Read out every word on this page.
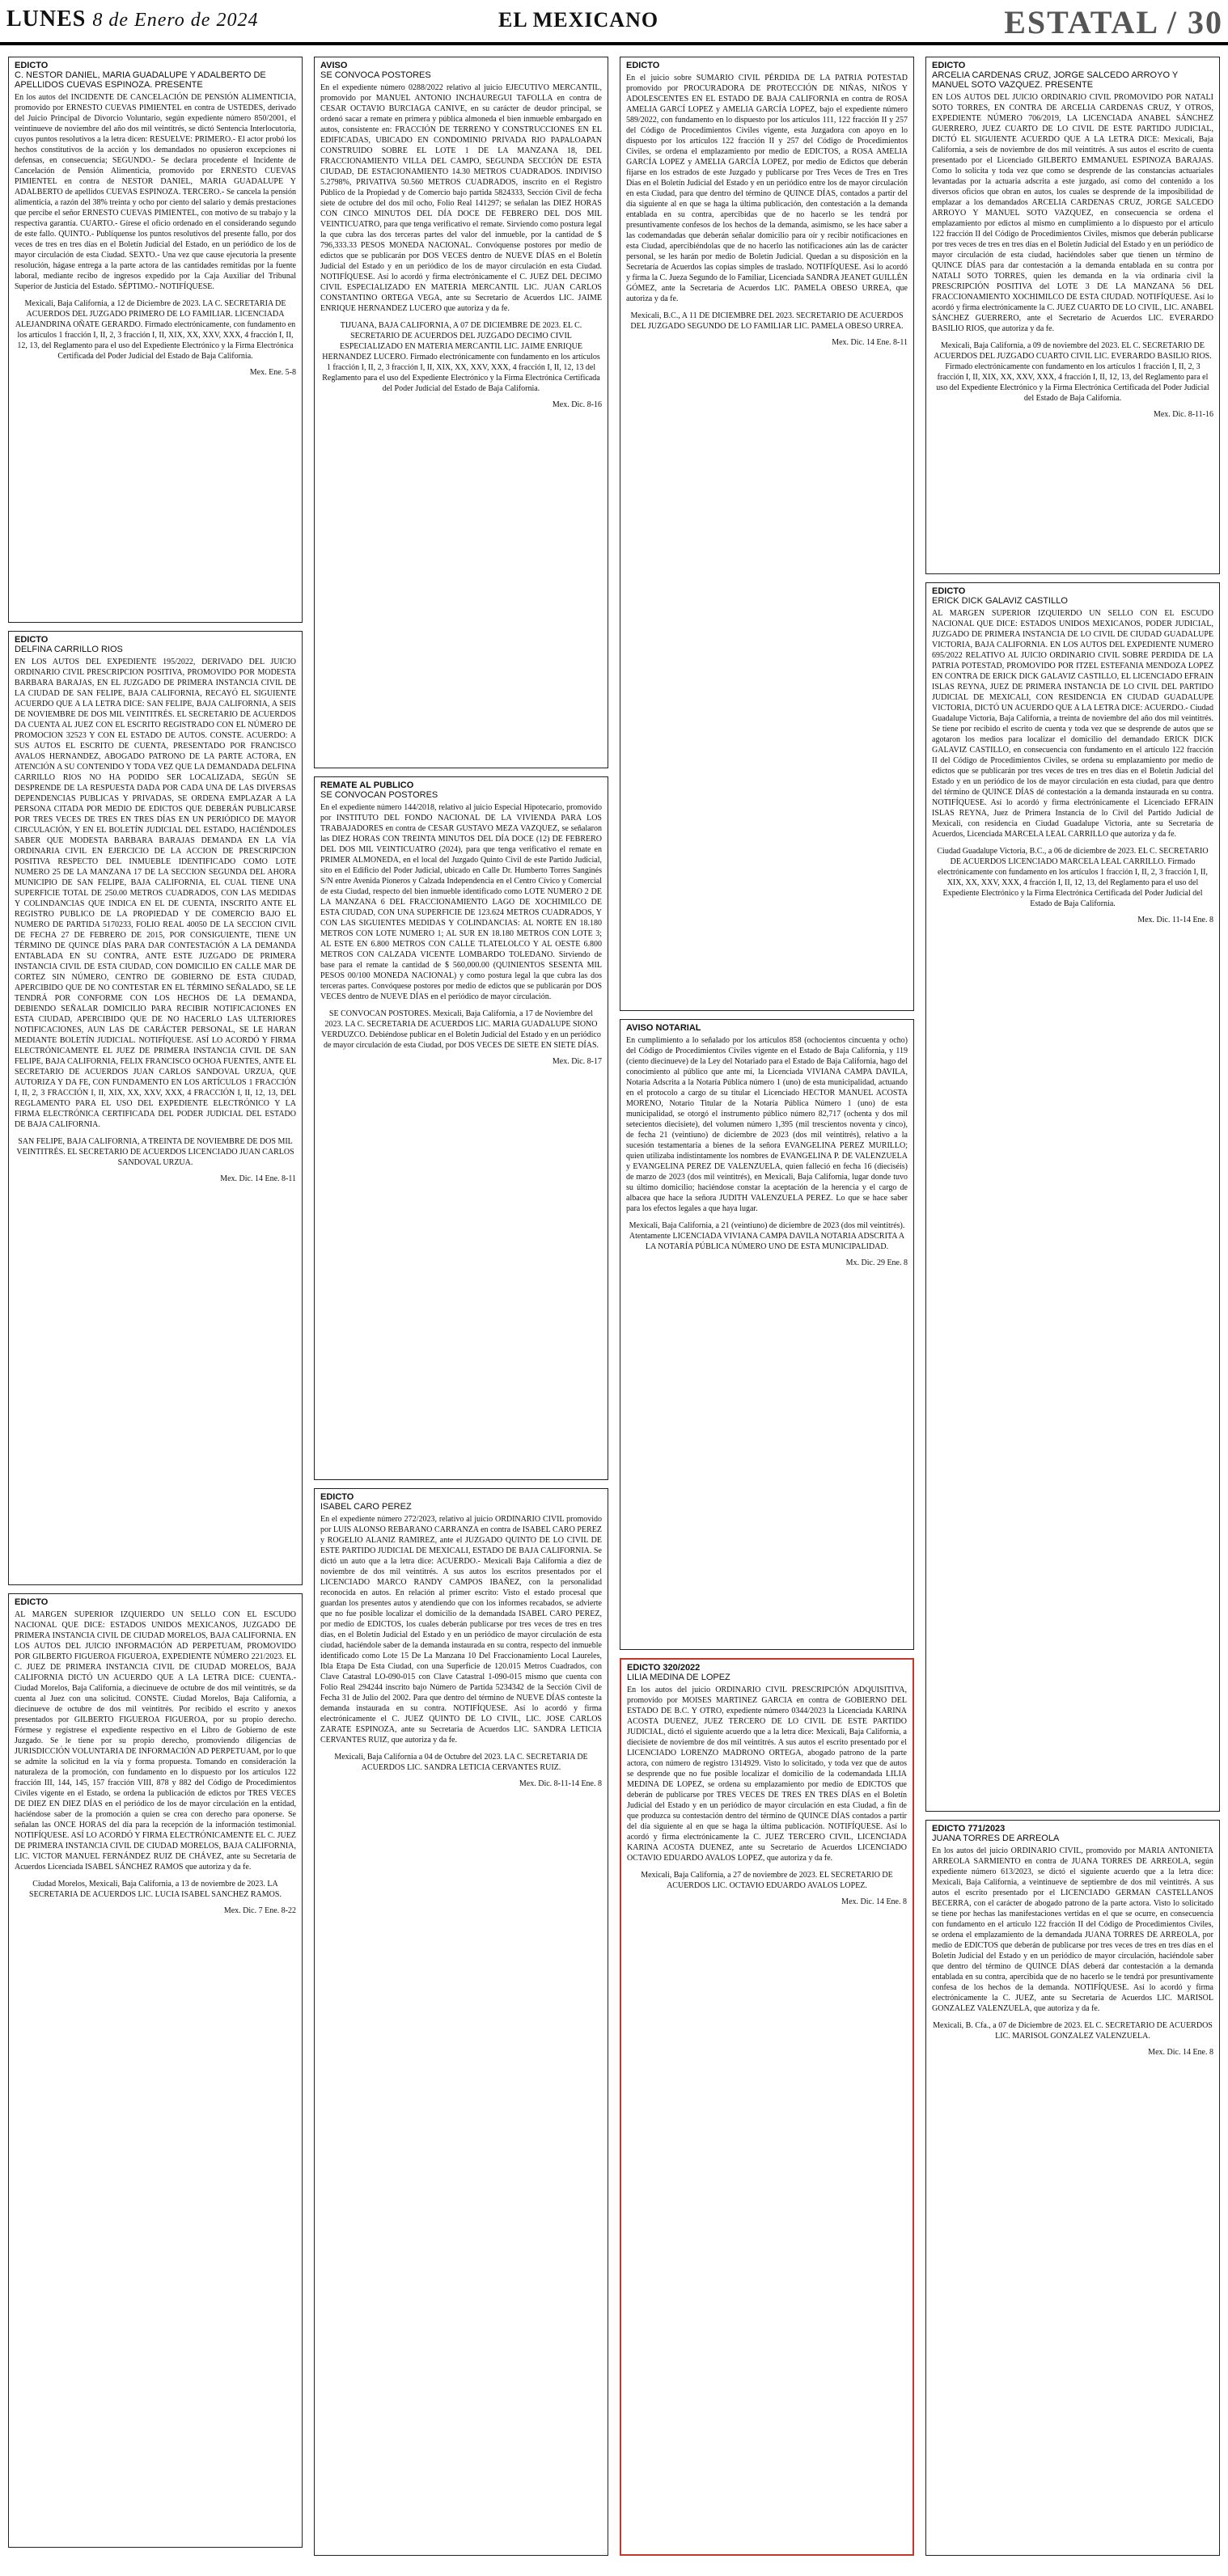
LUNES 8 de Enero de 2024	EL MEXICANO	ESTATAL / 30
EDICTO
C. NESTOR DANIEL, MARIA GUADALUPE Y ADALBERTO DE APELLIDOS CUEVAS ESPINOZA. PRESENTE
En los autos del INCIDENTE DE CANCELACIÓN DE PENSIÓN ALIMENTICIA, promovido por ERNESTO CUEVAS PIMIENTEL en contra de USTEDES, derivado del Juicio Principal de Divorcio Voluntario, según expediente número 850/2001, el veintinueve de noviembre del año dos mil veintitrés, se dictó Sentencia Interlocutoria, cuyos puntos resolutivos a la letra dicen: RESUELVE: PRIMERO.- El actor probó los hechos constitutivos de la acción y los demandados no opusieron excepciones ni defensas, en consecuencia; SEGUNDO.- Se declara procedente el Incidente de Cancelación de Pensión Alimenticia, promovido por ERNESTO CUEVAS PIMIENTEL en contra de NESTOR DANIEL, MARIA GUADALUPE Y ADALBERTO de apellidos CUEVAS ESPINOZA. TERCERO.- Se cancela la pensión alimenticia, a razón del 38% treinta y ocho por ciento del salario y demás prestaciones que percibe el señor ERNESTO CUEVAS PIMIENTEL, con motivo de su trabajo y la respectiva garantía. CUARTO.- Gírese el oficio ordenado en el considerando segundo de este fallo. QUINTO.- Publíquense los puntos resolutivos del presente fallo, por dos veces de tres en tres días en el Boletín Judicial del Estado, en un periódico de los de mayor circulación de esta Ciudad. SEXTO.- Una vez que cause ejecutoria la presente resolución, hágase entrega a la parte actora de las cantidades remitidas por la fuente laboral, mediante recibo de ingresos expedido por la Caja Auxiliar del Tribunal Superior de Justicia del Estado. SÉPTIMO.- NOTIFÍQUESE.
Mexicali, Baja California, a 12 de Diciembre de 2023. LA C. SECRETARIA DE ACUERDOS DEL JUZGADO PRIMERO DE LO FAMILIAR. LICENCIADA ALEJANDRINA OÑATE GERARDO. Firmado electrónicamente, con fundamento en los artículos 1 fracción I, II, 2, 3 fracción I, II, XIX, XX, XXV, XXX, 4 fracción I, II, 12, 13, del Reglamento para el uso del Expediente Electrónico y la Firma Electrónica Certificada del Poder Judicial del Estado de Baja California.
Mex. Ene. 5-8
EDICTO
DELFINA CARRILLO RIOS
EN LOS AUTOS DEL EXPEDIENTE 195/2022, DERIVADO DEL JUICIO ORDINARIO CIVIL PRESCRIPCION POSITIVA, PROMOVIDO POR MODESTA BARBARA BARAJAS, EN EL JUZGADO DE PRIMERA INSTANCIA CIVIL DE LA CIUDAD DE SAN FELIPE, BAJA CALIFORNIA, RECAYÓ EL SIGUIENTE ACUERDO QUE A LA LETRA DICE: SAN FELIPE, BAJA CALIFORNIA, A SEIS DE NOVIEMBRE DE DOS MIL VEINTITRÉS. EL SECRETARIO DE ACUERDOS DA CUENTA AL JUEZ CON EL ESCRITO REGISTRADO CON EL NÚMERO DE PROMOCION 32523 Y CON EL ESTADO DE AUTOS. CONSTE. ACUERDO: A SUS AUTOS EL ESCRITO DE CUENTA, PRESENTADO POR FRANCISCO AVALOS HERNANDEZ, ABOGADO PATRONO DE LA PARTE ACTORA, EN ATENCIÓN A SU CONTENIDO Y TODA VEZ QUE LA DEMANDADA DELFINA CARRILLO RIOS NO HA PODIDO SER LOCALIZADA, SEGÚN SE DESPRENDE DE LA RESPUESTA DADA POR CADA UNA DE LAS DIVERSAS DEPENDENCIAS PUBLICAS Y PRIVADAS, SE ORDENA EMPLAZAR A LA PERSONA CITADA POR MEDIO DE EDICTOS QUE DEBERÁN PUBLICARSE POR TRES VECES DE TRES EN TRES DÍAS EN UN PERIÓDICO DE MAYOR CIRCULACIÓN, Y EN EL BOLETÍN JUDICIAL DEL ESTADO, HACIÉNDOLES SABER QUE MODESTA BARBARA BARAJAS DEMANDA EN LA VÍA ORDINARIA CIVIL EN EJERCICIO DE LA ACCION DE PRESCRIPCION POSITIVA RESPECTO DEL INMUEBLE IDENTIFICADO COMO LOTE NUMERO 25 DE LA MANZANA 17 DE LA SECCION SEGUNDA DEL AHORA MUNICIPIO DE SAN FELIPE, BAJA CALIFORNIA, EL CUAL TIENE UNA SUPERFICIE TOTAL DE 250.00 METROS CUADRADOS, CON LAS MEDIDAS Y COLINDANCIAS QUE INDICA EN EL DE CUENTA, INSCRITO ANTE EL REGISTRO PUBLICO DE LA PROPIEDAD Y DE COMERCIO BAJO EL NUMERO DE PARTIDA 5170233, FOLIO REAL 40050 DE LA SECCION CIVIL DE FECHA 27 DE FEBRERO DE 2015, POR CONSIGUIENTE, TIENE UN TÉRMINO DE QUINCE DÍAS PARA DAR CONTESTACIÓN A LA DEMANDA ENTABLADA EN SU CONTRA, ANTE ESTE JUZGADO DE PRIMERA INSTANCIA CIVIL DE ESTA CIUDAD, CON DOMICILIO EN CALLE MAR DE CORTEZ SIN NÚMERO, CENTRO DE GOBIERNO DE ESTA CIUDAD, APERCIBIDO QUE DE NO CONTESTAR EN EL TÉRMINO SEÑALADO, SE LE TENDRÁ POR CONFORME CON LOS HECHOS DE LA DEMANDA, DEBIENDO SEÑALAR DOMICILIO PARA RECIBIR NOTIFICACIONES EN ESTA CIUDAD, APERCIBIDO QUE DE NO HACERLO LAS ULTERIORES NOTIFICACIONES, AUN LAS DE CARÁCTER PERSONAL, SE LE HARAN MEDIANTE BOLETÍN JUDICIAL. NOTIFÍQUESE. ASÍ LO ACORDÓ Y FIRMA ELECTRÓNICAMENTE EL JUEZ DE PRIMERA INSTANCIA CIVIL DE SAN FELIPE, BAJA CALIFORNIA, FELIX FRANCISCO OCHOA FUENTES, ANTE EL SECRETARIO DE ACUERDOS JUAN CARLOS SANDOVAL URZUA, QUE AUTORIZA Y DA FE, CON FUNDAMENTO EN LOS ARTÍCULOS 1 FRACCIÓN I, II, 2, 3 FRACCIÓN I, II, XIX, XX, XXV, XXX, 4 FRACCIÓN I, II, 12, 13, DEL REGLAMENTO PARA EL USO DEL EXPEDIENTE ELECTRÓNICO Y LA FIRMA ELECTRÓNICA CERTIFICADA DEL PODER JUDICIAL DEL ESTADO DE BAJA CALIFORNIA.
SAN FELIPE, BAJA CALIFORNIA, A TREINTA DE NOVIEMBRE DE DOS MIL VEINTITRÉS. EL SECRETARIO DE ACUERDOS LICENCIADO JUAN CARLOS SANDOVAL URZUA.
Mex. Dic. 14 Ene. 8-11
EDICTO
AL MARGEN SUPERIOR IZQUIERDO UN SELLO CON EL ESCUDO NACIONAL QUE DICE: ESTADOS UNIDOS MEXICANOS, JUZGADO DE PRIMERA INSTANCIA CIVIL DE CIUDAD MORELOS, BAJA CALIFORNIA. EN LOS AUTOS DEL JUICIO INFORMACIÓN AD PERPETUAM, PROMOVIDO POR GILBERTO FIGUEROA FIGUEROA, EXPEDIENTE NÚMERO 221/2023. EL C. JUEZ DE PRIMERA INSTANCIA CIVIL DE CIUDAD MORELOS, BAJA CALIFORNIA DICTÓ UN ACUERDO QUE A LA LETRA DICE: CUENTA.- Ciudad Morelos, Baja California, a diecinueve de octubre de dos mil veintitrés, se da cuenta al Juez con una solicitud. CONSTE. Ciudad Morelos, Baja California, a diecinueve de octubre de dos mil veintitrés. Por recibido el escrito y anexos presentados por GILBERTO FIGUEROA FIGUEROA, por su propio derecho. Fórmese y regístrese el expediente respectivo en el Libro de Gobierno de este Juzgado. Se le tiene por su propio derecho, promoviendo diligencias de JURISDICCIÓN VOLUNTARIA DE INFORMACIÓN AD PERPETUAM, por lo que se admite la solicitud en la vía y forma propuesta. Tomando en consideración la naturaleza de la promoción, con fundamento en lo dispuesto por los artículos 122 fracción III, 144, 145, 157 fracción VIII, 878 y 882 del Código de Procedimientos Civiles vigente en el Estado, se ordena la publicación de edictos por TRES VECES DE DIEZ EN DIEZ DÍAS en el periódico de los de mayor circulación en la entidad, haciéndose saber de la promoción a quien se crea con derecho para oponerse. Se señalan las ONCE HORAS del día para la recepción de la información testimonial. NOTIFÍQUESE. ASÍ LO ACORDÓ Y FIRMA ELECTRÓNICAMENTE EL C. JUEZ DE PRIMERA INSTANCIA CIVIL DE CIUDAD MORELOS, BAJA CALIFORNIA, LIC. VICTOR MANUEL FERNÁNDEZ RUIZ DE CHÁVEZ, ante su Secretaria de Acuerdos Licenciada ISABEL SÁNCHEZ RAMOS que autoriza y da fe.
Ciudad Morelos, Mexicali, Baja California, a 13 de noviembre de 2023. LA SECRETARIA DE ACUERDOS LIC. LUCIA ISABEL SANCHEZ RAMOS.
Mex. Dic. 7 Ene. 8-22
AVISO
SE CONVOCA POSTORES
En el expediente número 0288/2022 relativo al juicio EJECUTIVO MERCANTIL, promovido por MANUEL ANTONIO INCHAUREGUI TAFOLLA en contra de CESAR OCTAVIO BURCIAGA CANIVE, en su carácter de deudor principal, se ordenó sacar a remate en primera y pública almoneda el bien inmueble embargado en autos, consistente en: FRACCIÓN DE TERRENO Y CONSTRUCCIONES EN EL EDIFICADAS, UBICADO EN CONDOMINIO PRIVADA RIO PAPALOAPAN CONSTRUIDO SOBRE EL LOTE 1 DE LA MANZANA 18, DEL FRACCIONAMIENTO VILLA DEL CAMPO, SEGUNDA SECCIÓN DE ESTA CIUDAD, DE ESTACIONAMIENTO 14.30 METROS CUADRADOS. INDIVISO 5.2798%, PRIVATIVA 50.560 METROS CUADRADOS, inscrito en el Registro Público de la Propiedad y de Comercio bajo partida 5824333, Sección Civil de fecha siete de octubre del dos mil ocho, Folio Real 141297; se señalan las DIEZ HORAS CON CINCO MINUTOS DEL DÍA DOCE DE FEBRERO DEL DOS MIL VEINTICUATRO, para que tenga verificativo el remate. Sirviendo como postura legal la que cubra las dos terceras partes del valor del inmueble, por la cantidad de $ 796,333.33 PESOS MONEDA NACIONAL. Convóquense postores por medio de edictos que se publicarán por DOS VECES dentro de NUEVE DÍAS en el Boletín Judicial del Estado y en un periódico de los de mayor circulación en esta Ciudad. NOTIFÍQUESE. Así lo acordó y firma electrónicamente el C. JUEZ DEL DECIMO CIVIL ESPECIALIZADO EN MATERIA MERCANTIL LIC. JUAN CARLOS CONSTANTINO ORTEGA VEGA, ante su Secretario de Acuerdos LIC. JAIME ENRIQUE HERNANDEZ LUCERO que autoriza y da fe.
TIJUANA, BAJA CALIFORNIA, A 07 DE DICIEMBRE DE 2023. EL C. SECRETARIO DE ACUERDOS DEL JUZGADO DECIMO CIVIL ESPECIALIZADO EN MATERIA MERCANTIL LIC. JAIME ENRIQUE HERNANDEZ LUCERO. Firmado electrónicamente con fundamento en los artículos 1 fracción I, II, 2, 3 fracción I, II, XIX, XX, XXV, XXX, 4 fracción I, II, 12, 13 del Reglamento para el uso del Expediente Electrónico y la Firma Electrónica Certificada del Poder Judicial del Estado de Baja California.
Mex. Dic. 8-16
REMATE AL PUBLICO
SE CONVOCAN POSTORES
En el expediente número 144/2018, relativo al juicio Especial Hipotecario, promovido por INSTITUTO DEL FONDO NACIONAL DE LA VIVIENDA PARA LOS TRABAJADORES en contra de CESAR GUSTAVO MEZA VAZQUEZ, se señalaron las DIEZ HORAS CON TREINTA MINUTOS DEL DÍA DOCE (12) DE FEBRERO DEL DOS MIL VEINTICUATRO (2024), para que tenga verificativo el remate en PRIMER ALMONEDA, en el local del Juzgado Quinto Civil de este Partido Judicial, sito en el Edificio del Poder Judicial, ubicado en Calle Dr. Humberto Torres Sanginés S/N entre Avenida Pioneros y Calzada Independencia en el Centro Cívico y Comercial de esta Ciudad, respecto del bien inmueble identificado como LOTE NUMERO 2 DE LA MANZANA 6 DEL FRACCIONAMIENTO LAGO DE XOCHIMILCO DE ESTA CIUDAD, CON UNA SUPERFICIE DE 123.624 METROS CUADRADOS, Y CON LAS SIGUIENTES MEDIDAS Y COLINDANCIAS: AL NORTE EN 18.180 METROS CON LOTE NUMERO 1; AL SUR EN 18.180 METROS CON LOTE 3; AL ESTE EN 6.800 METROS CON CALLE TLATELOLCO Y AL OESTE 6.800 METROS CON CALZADA VICENTE LOMBARDO TOLEDANO. Sirviendo de base para el remate la cantidad de $ 560,000.00 (QUINIENTOS SESENTA MIL PESOS 00/100 MONEDA NACIONAL) y como postura legal la que cubra las dos terceras partes. Convóquese postores por medio de edictos que se publicarán por DOS VECES dentro de NUEVE DÍAS en el periódico de mayor circulación.
SE CONVOCAN POSTORES. Mexicali, Baja California, a 17 de Noviembre del 2023. LA C. SECRETARIA DE ACUERDOS LIC. MARIA GUADALUPE SIONO VERDUZCO. Debiéndose publicar en el Boletín Judicial del Estado y en un periódico de mayor circulación de esta Ciudad, por DOS VECES DE SIETE EN SIETE DÍAS.
Mex. Dic. 8-17
EDICTO
ISABEL CARO PEREZ
En el expediente número 272/2023, relativo al juicio ORDINARIO CIVIL promovido por LUIS ALONSO REBARANO CARRANZA en contra de ISABEL CARO PEREZ y ROGELIO ALANIZ RAMIREZ, ante el JUZGADO QUINTO DE LO CIVIL DE ESTE PARTIDO JUDICIAL DE MEXICALI, ESTADO DE BAJA CALIFORNIA. Se dictó un auto que a la letra dice: ACUERDO.- Mexicali Baja California a diez de noviembre de dos mil veintitrés. A sus autos los escritos presentados por el LICENCIADO MARCO RANDY CAMPOS IBAÑEZ, con la personalidad reconocida en autos. En relación al primer escrito: Visto el estado procesal que guardan los presentes autos y atendiendo que con los informes recabados, se advierte que no fue posible localizar el domicilio de la demandada ISABEL CARO PEREZ, por medio de EDICTOS, los cuales deberán publicarse por tres veces de tres en tres días, en el Boletín Judicial del Estado y en un periódico de mayor circulación de esta ciudad, haciéndole saber de la demanda instaurada en su contra, respecto del inmueble identificado como Lote 15 De La Manzana 10 Del Fraccionamiento Local Laureles, Ibla Etapa De Esta Ciudad, con una Superficie de 120.015 Metros Cuadrados, con Clave Catastral LO-090-015 con Clave Catastral 1-090-015 mismo que cuenta con Folio Real 294244 inscrito bajo Número de Partida 5234342 de la Sección Civil de Fecha 31 de Julio del 2002. Para que dentro del término de NUEVE DÍAS conteste la demanda instaurada en su contra. NOTIFÍQUESE. Así lo acordó y firma electrónicamente el C. JUEZ QUINTO DE LO CIVIL, LIC. JOSE CARLOS ZARATE ESPINOZA, ante su Secretaria de Acuerdos LIC. SANDRA LETICIA CERVANTES RUIZ, que autoriza y da fe.
Mexicali, Baja California a 04 de Octubre del 2023. LA C. SECRETARIA DE ACUERDOS LIC. SANDRA LETICIA CERVANTES RUIZ.
Mex. Dic. 8-11-14 Ene. 8
EDICTO
En el juicio sobre SUMARIO CIVIL PÉRDIDA DE LA PATRIA POTESTAD promovido por PROCURADORA DE PROTECCIÓN DE NIÑAS, NIÑOS Y ADOLESCENTES EN EL ESTADO DE BAJA CALIFORNIA en contra de ROSA AMELIA GARCÍ LOPEZ y AMELIA GARCÍA LOPEZ, bajo el expediente número 589/2022, con fundamento en lo dispuesto por los artículos 111, 122 fracción II y 257 del Código de Procedimientos Civiles vigente, esta Juzgadora con apoyo en lo dispuesto por los artículos 122 fracción II y 257 del Código de Procedimientos Civiles, se ordena el emplazamiento por medio de EDICTOS, a ROSA AMELIA GARCÍA LOPEZ y AMELIA GARCÍA LOPEZ, por medio de Edictos que deberán fijarse en los estrados de este Juzgado y publicarse por Tres Veces de Tres en Tres Días en el Boletín Judicial del Estado y en un periódico entre los de mayor circulación en esta Ciudad, para que dentro del término de QUINCE DÍAS, contados a partir del día siguiente al en que se haga la última publicación, den contestación a la demanda entablada en su contra, apercibidas que de no hacerlo se les tendrá por presuntivamente confesos de los hechos de la demanda, asimismo, se les hace saber a las codemandadas que deberán señalar domicilio para oír y recibir notificaciones en esta Ciudad, apercibiéndolas que de no hacerlo las notificaciones aún las de carácter personal, se les harán por medio de Boletín Judicial. Quedan a su disposición en la Secretaría de Acuerdos las copias simples de traslado. NOTIFÍQUESE. Así lo acordó y firma la C. Jueza Segundo de lo Familiar, Licenciada SANDRA JEANET GUILLÉN GÓMEZ, ante la Secretaria de Acuerdos LIC. PAMELA OBESO URREA, que autoriza y da fe.
Mexicali, B.C., A 11 DE DICIEMBRE DEL 2023. SECRETARIO DE ACUERDOS DEL JUZGADO SEGUNDO DE LO FAMILIAR LIC. PAMELA OBESO URREA.
Mex. Dic. 14 Ene. 8-11
AVISO NOTARIAL
En cumplimiento a lo señalado por los artículos 858 (ochocientos cincuenta y ocho) del Código de Procedimientos Civiles vigente en el Estado de Baja California, y 119 (ciento diecinueve) de la Ley del Notariado para el Estado de Baja California, hago del conocimiento al público que ante mí, la Licenciada VIVIANA CAMPA DAVILA, Notaria Adscrita a la Notaría Pública número 1 (uno) de esta municipalidad, actuando en el protocolo a cargo de su titular el Licenciado HECTOR MANUEL ACOSTA MORENO, Notario Titular de la Notaría Pública Número 1 (uno) de esta municipalidad, se otorgó el instrumento público número 82,717 (ochenta y dos mil setecientos diecisiete), del volumen número 1,395 (mil trescientos noventa y cinco), de fecha 21 (veintiuno) de diciembre de 2023 (dos mil veintitrés), relativo a la sucesión testamentaria a bienes de la señora EVANGELINA PEREZ MURILLO; quien utilizaba indistintamente los nombres de EVANGELINA P. DE VALENZUELA y EVANGELINA PEREZ DE VALENZUELA, quien falleció en fecha 16 (dieciséis) de marzo de 2023 (dos mil veintitrés), en Mexicali, Baja California, lugar donde tuvo su último domicilio; haciéndose constar la aceptación de la herencia y el cargo de albacea que hace la señora JUDITH VALENZUELA PEREZ. Lo que se hace saber para los efectos legales a que haya lugar.
Mexicali, Baja California, a 21 (veintiuno) de diciembre de 2023 (dos mil veintitrés). Atentamente LICENCIADA VIVIANA CAMPA DAVILA NOTARIA ADSCRITA A LA NOTARÍA PÚBLICA NÚMERO UNO DE ESTA MUNICIPALIDAD.
Mx. Dic. 29 Ene. 8
EDICTO 320/2022
LILIA MEDINA DE LOPEZ
En los autos del juicio ORDINARIO CIVIL PRESCRIPCIÓN ADQUISITIVA, promovido por MOISES MARTINEZ GARCIA en contra de GOBIERNO DEL ESTADO DE B.C. Y OTRO, expediente número 0344/2023 la Licenciada KARINA ACOSTA DUENEZ, JUEZ TERCERO DE LO CIVIL DE ESTE PARTIDO JUDICIAL, dictó el siguiente acuerdo que a la letra dice: Mexicali, Baja California, a diecisiete de noviembre de dos mil veintitrés. A sus autos el escrito presentado por el LICENCIADO LORENZO MADRONO ORTEGA, abogado patrono de la parte actora, con número de registro 1314929. Visto lo solicitado, y toda vez que de autos se desprende que no fue posible localizar el domicilio de la codemandada LILIA MEDINA DE LOPEZ, se ordena su emplazamiento por medio de EDICTOS que deberán de publicarse por TRES VECES DE TRES EN TRES DÍAS en el Boletín Judicial del Estado y en un periódico de mayor circulación en esta Ciudad, a fin de que produzca su contestación dentro del término de QUINCE DÍAS contados a partir del día siguiente al en que se haga la última publicación. NOTIFÍQUESE. Así lo acordó y firma electrónicamente la C. JUEZ TERCERO CIVIL, LICENCIADA KARINA ACOSTA DUENEZ, ante su Secretario de Acuerdos LICENCIADO OCTAVIO EDUARDO AVALOS LOPEZ, que autoriza y da fe.
Mexicali, Baja California, a 27 de noviembre de 2023. EL SECRETARIO DE ACUERDOS LIC. OCTAVIO EDUARDO AVALOS LOPEZ.
Mex. Dic. 14 Ene. 8
EDICTO
ARCELIA CARDENAS CRUZ, JORGE SALCEDO ARROYO Y MANUEL SOTO VAZQUEZ. PRESENTE
EN LOS AUTOS DEL JUICIO ORDINARIO CIVIL PROMOVIDO POR NATALI SOTO TORRES, EN CONTRA DE ARCELIA CARDENAS CRUZ, Y OTROS, EXPEDIENTE NÚMERO 706/2019, LA LICENCIADA ANABEL SÁNCHEZ GUERRERO, JUEZ CUARTO DE LO CIVIL DE ESTE PARTIDO JUDICIAL, DICTÓ EL SIGUIENTE ACUERDO QUE A LA LETRA DICE: Mexicali, Baja California, a seis de noviembre de dos mil veintitrés. A sus autos el escrito de cuenta presentado por el Licenciado GILBERTO EMMANUEL ESPINOZA BARAJAS. Como lo solicita y toda vez que como se desprende de las constancias actuariales levantadas por la actuaria adscrita a este juzgado, así como del contenido a los diversos oficios que obran en autos, los cuales se desprende de la imposibilidad de emplazar a los demandados ARCELIA CARDENAS CRUZ, JORGE SALCEDO ARROYO Y MANUEL SOTO VAZQUEZ, en consecuencia se ordena el emplazamiento por edictos al mismo en cumplimiento a lo dispuesto por el artículo 122 fracción II del Código de Procedimientos Civiles, mismos que deberán publicarse por tres veces de tres en tres días en el Boletín Judicial del Estado y en un periódico de mayor circulación de esta ciudad, haciéndoles saber que tienen un término de QUINCE DÍAS para dar contestación a la demanda entablada en su contra por NATALI SOTO TORRES, quien les demanda en la vía ordinaria civil la PRESCRIPCIÓN POSITIVA del LOTE 3 DE LA MANZANA 56 DEL FRACCIONAMIENTO XOCHIMILCO DE ESTA CIUDAD. NOTIFÍQUESE. Así lo acordó y firma electrónicamente la C. JUEZ CUARTO DE LO CIVIL, LIC. ANABEL SÁNCHEZ GUERRERO, ante el Secretario de Acuerdos LIC. EVERARDO BASILIO RIOS, que autoriza y da fe.
Mexicali, Baja California, a 09 de noviembre del 2023. EL C. SECRETARIO DE ACUERDOS DEL JUZGADO CUARTO CIVIL LIC. EVERARDO BASILIO RIOS. Firmado electrónicamente con fundamento en los artículos 1 fracción I, II, 2, 3 fracción I, II, XIX, XX, XXV, XXX, 4 fracción I, II, 12, 13, del Reglamento para el uso del Expediente Electrónico y la Firma Electrónica Certificada del Poder Judicial del Estado de Baja California.
Mex. Dic. 8-11-16
EDICTO
ERICK DICK GALAVIZ CASTILLO
AL MARGEN SUPERIOR IZQUIERDO UN SELLO CON EL ESCUDO NACIONAL QUE DICE: ESTADOS UNIDOS MEXICANOS, PODER JUDICIAL, JUZGADO DE PRIMERA INSTANCIA DE LO CIVIL DE CIUDAD GUADALUPE VICTORIA, BAJA CALIFORNIA. EN LOS AUTOS DEL EXPEDIENTE NUMERO 695/2022 RELATIVO AL JUICIO ORDINARIO CIVIL SOBRE PERDIDA DE LA PATRIA POTESTAD, PROMOVIDO POR ITZEL ESTEFANIA MENDOZA LOPEZ EN CONTRA DE ERICK DICK GALAVIZ CASTILLO, EL LICENCIADO EFRAIN ISLAS REYNA, JUEZ DE PRIMERA INSTANCIA DE LO CIVIL DEL PARTIDO JUDICIAL DE MEXICALI, CON RESIDENCIA EN CIUDAD GUADALUPE VICTORIA, DICTÓ UN ACUERDO QUE A LA LETRA DICE: ACUERDO.- Ciudad Guadalupe Victoria, Baja California, a treinta de noviembre del año dos mil veintitrés. Se tiene por recibido el escrito de cuenta y toda vez que se desprende de autos que se agotaron los medios para localizar el domicilio del demandado ERICK DICK GALAVIZ CASTILLO, en consecuencia con fundamento en el artículo 122 fracción II del Código de Procedimientos Civiles, se ordena su emplazamiento por medio de edictos que se publicarán por tres veces de tres en tres días en el Boletín Judicial del Estado y en un periódico de los de mayor circulación en esta ciudad, para que dentro del término de QUINCE DÍAS dé contestación a la demanda instaurada en su contra. NOTIFÍQUESE. Así lo acordó y firma electrónicamente el Licenciado EFRAIN ISLAS REYNA, Juez de Primera Instancia de lo Civil del Partido Judicial de Mexicali, con residencia en Ciudad Guadalupe Victoria, ante su Secretaria de Acuerdos, Licenciada MARCELA LEAL CARRILLO que autoriza y da fe.
Ciudad Guadalupe Victoria, B.C., a 06 de diciembre de 2023. EL C. SECRETARIO DE ACUERDOS LICENCIADO MARCELA LEAL CARRILLO. Firmado electrónicamente con fundamento en los artículos 1 fracción I, II, 2, 3 fracción I, II, XIX, XX, XXV, XXX, 4 fracción I, II, 12, 13, del Reglamento para el uso del Expediente Electrónico y la Firma Electrónica Certificada del Poder Judicial del Estado de Baja California.
Mex. Dic. 11-14 Ene. 8
EDICTO 771/2023
JUANA TORRES DE ARREOLA
En los autos del juicio ORDINARIO CIVIL, promovido por MARIA ANTONIETA ARREOLA SARMIENTO en contra de JUANA TORRES DE ARREOLA, según expediente número 613/2023, se dictó el siguiente acuerdo que a la letra dice: Mexicali, Baja California, a veintinueve de septiembre de dos mil veintitrés. A sus autos el escrito presentado por el LICENCIADO GERMAN CASTELLANOS BECERRA, con el carácter de abogado patrono de la parte actora. Visto lo solicitado se tiene por hechas las manifestaciones vertidas en el que se ocurre, en consecuencia con fundamento en el artículo 122 fracción II del Código de Procedimientos Civiles, se ordena el emplazamiento de la demandada JUANA TORRES DE ARREOLA, por medio de EDICTOS que deberán de publicarse por tres veces de tres en tres días en el Boletín Judicial del Estado y en un periódico de mayor circulación, haciéndole saber que dentro del término de QUINCE DÍAS deberá dar contestación a la demanda entablada en su contra, apercibida que de no hacerlo se le tendrá por presuntivamente confesa de los hechos de la demanda. NOTIFÍQUESE. Así lo acordó y firma electrónicamente la C. JUEZ, ante su Secretaria de Acuerdos LIC. MARISOL GONZALEZ VALENZUELA, que autoriza y da fe.
Mexicali, B. Cfa., a 07 de Diciembre de 2023. EL C. SECRETARIO DE ACUERDOS LIC. MARISOL GONZALEZ VALENZUELA.
Mex. Dic. 14 Ene. 8
